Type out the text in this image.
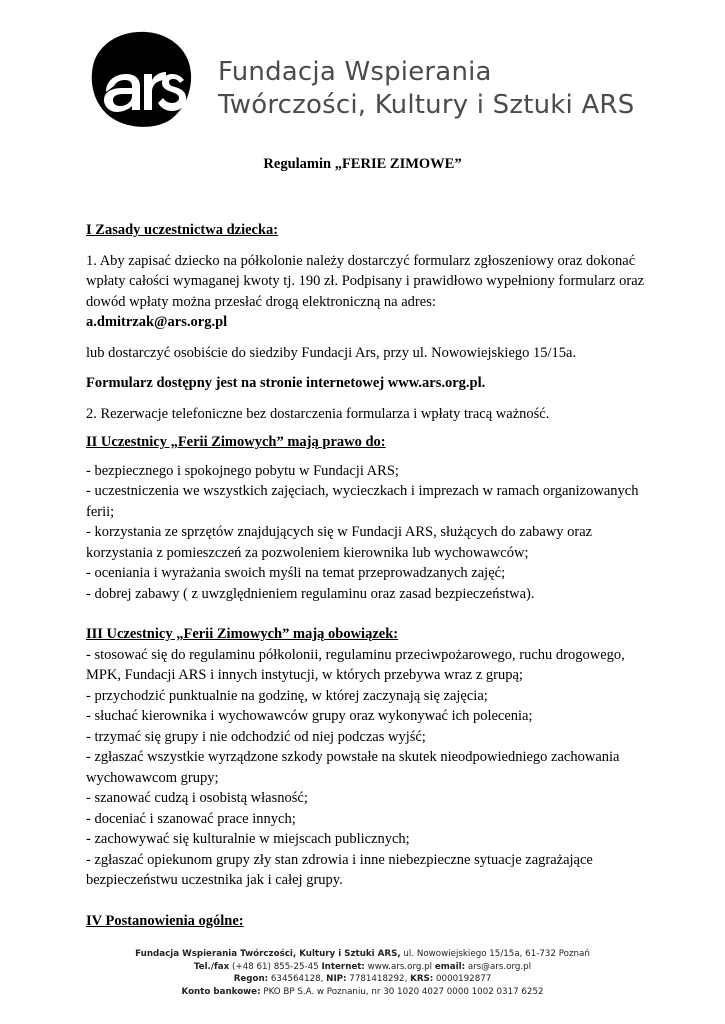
Fundacja Wspierania
Twórczości, Kultury i Sztuki ARS
Regulamin „FERIE ZIMOWE”

I Zasady uczestnictwa dziecka:

1. Aby zapisać dziecko na półkolonie należy dostarczyć formularz zgłoszeniowy oraz dokonać wpłaty całości wymaganej kwoty tj. 190 zł. Podpisany i prawidłowo wypełniony formularz oraz dowód wpłaty można przesłać drogą elektroniczną na adres:

a.dmitrzak@ars.org.pl

lub dostarczyć osobiście do siedziby Fundacji Ars, przy ul. Nowowiejskiego 15/15a.

Formularz dostępny jest na stronie internetowej www.ars.org.pl.

2. Rezerwacje telefoniczne bez dostarczenia formularza i wpłaty tracą ważność.

II Uczestnicy „Ferii Zimowych” mają prawo do:

- bezpiecznego i spokojnego pobytu w Fundacji ARS;
- uczestniczenia we wszystkich zajęciach, wycieczkach i imprezach w ramach organizowanych ferii;
- korzystania ze sprzętów znajdujących się w Fundacji ARS, służących do zabawy oraz korzystania z pomieszczeń za pozwoleniem kierownika lub wychowawców;
- oceniania i wyrażania swoich myśli na temat przeprowadzanych zajęć;
- dobrej zabawy ( z uwzględnieniem regulaminu oraz zasad bezpieczeństwa).

III Uczestnicy „Ferii Zimowych” mają obowiązek:

- stosować się do regulaminu półkolonii, regulaminu przeciwpożarowego, ruchu drogowego, MPK, Fundacji ARS i innych instytucji, w których przebywa wraz z grupą;
- przychodzić punktualnie na godzinę, w której zaczynają się zajęcia;
- słuchać kierownika i wychowawców grupy oraz wykonywać ich polecenia;
- trzymać się grupy i nie odchodzić od niej podczas wyjść;
- zgłaszać wszystkie wyrządzone szkody powstałe na skutek nieodpowiedniego zachowania wychowawcom grupy;
- szanować cudzą i osobistą własność;
- doceniać i szanować prace innych;
- zachowywać się kulturalnie w miejscach publicznych;
- zgłaszać opiekunom grupy zły stan zdrowia i inne niebezpieczne sytuacje zagrażające bezpieczeństwu uczestnika jak i całej grupy.

IV Postanowienia ogólne:

Fundacja Wspierania Twórczości, Kultury i Sztuki ARS, ul. Nowowiejskiego 15/15a, 61-732 Poznań
Tel./fax (+48 61) 855-25-45 Internet: www.ars.org.pl email: ars@ars.org.pl
Regon: 634564128, NIP: 7781418292, KRS: 0000192877
Konto bankowe: PKO BP S.A. w Poznaniu, nr 30 1020 4027 0000 1002 0317 6252
